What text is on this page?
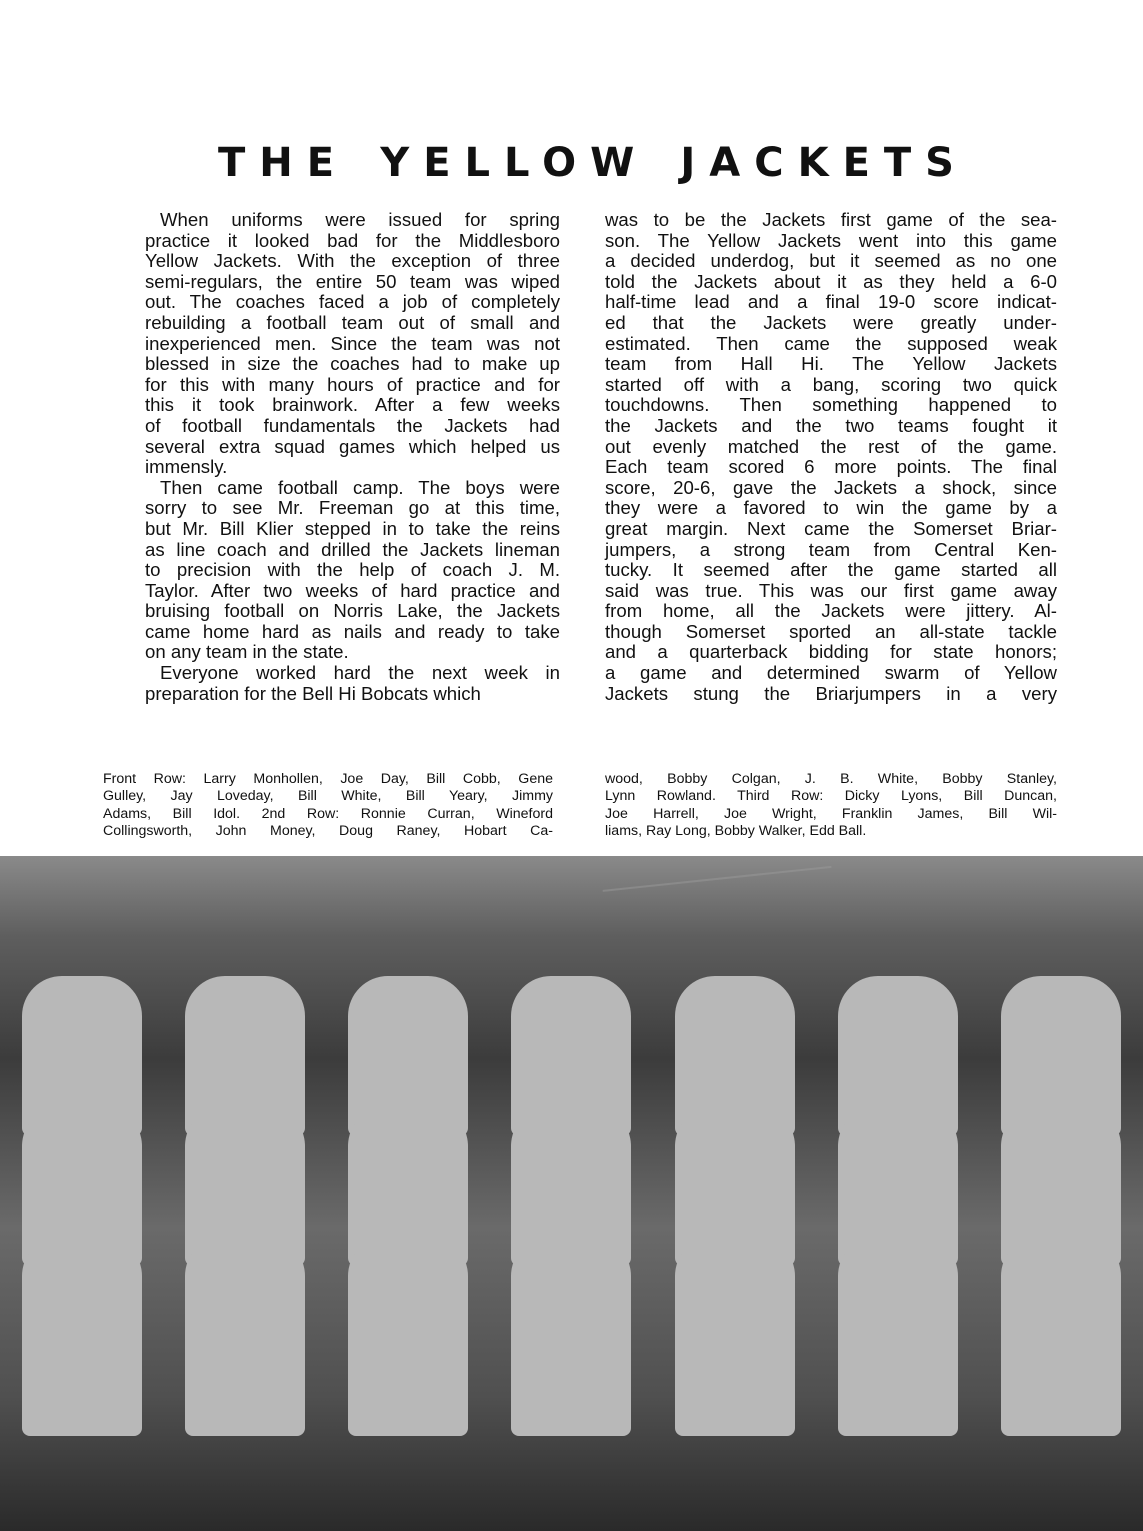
THE YELLOW JACKETS
When uniforms were issued for spring
practice it looked bad for the Middlesboro
Yellow Jackets. With the exception of three
semi-regulars, the entire 50 team was wiped
out. The coaches faced a job of completely
rebuilding a football team out of small and
inexperienced men. Since the team was not
blessed in size the coaches had to make up
for this with many hours of practice and for
this it took brainwork. After a few weeks
of football fundamentals the Jackets had
several extra squad games which helped us
immensly.
Then came football camp. The boys were
sorry to see Mr. Freeman go at this time,
but Mr. Bill Klier stepped in to take the reins
as line coach and drilled the Jackets lineman
to precision with the help of coach J. M.
Taylor. After two weeks of hard practice and
bruising football on Norris Lake, the Jackets
came home hard as nails and ready to take
on any team in the state.
Everyone worked hard the next week in
preparation for the Bell Hi Bobcats which
was to be the Jackets first game of the sea-
son. The Yellow Jackets went into this game
a decided underdog, but it seemed as no one
told the Jackets about it as they held a 6-0
half-time lead and a final 19-0 score indicat-
ed that the Jackets were greatly under-
estimated. Then came the supposed weak
team from Hall Hi. The Yellow Jackets
started off with a bang, scoring two quick
touchdowns. Then something happened to
the Jackets and the two teams fought it
out evenly matched the rest of the game.
Each team scored 6 more points. The final
score, 20-6, gave the Jackets a shock, since
they were a favored to win the game by a
great margin. Next came the Somerset Briar-
jumpers, a strong team from Central Ken-
tucky. It seemed after the game started all
said was true. This was our first game away
from home, all the Jackets were jittery. Al-
though Somerset sported an all-state tackle
and a quarterback bidding for state honors;
a game and determined swarm of Yellow
Jackets stung the Briarjumpers in a very
Front Row: Larry Monhollen, Joe Day, Bill Cobb, Gene
Gulley, Jay Loveday, Bill White, Bill Yeary, Jimmy
Adams, Bill Idol. 2nd Row: Ronnie Curran, Wineford
Collingsworth, John Money, Doug Raney, Hobart Ca-
wood, Bobby Colgan, J. B. White, Bobby Stanley,
Lynn Rowland. Third Row: Dicky Lyons, Bill Duncan,
Joe Harrell, Joe Wright, Franklin James, Bill Wil-
liams, Ray Long, Bobby Walker, Edd Ball.
